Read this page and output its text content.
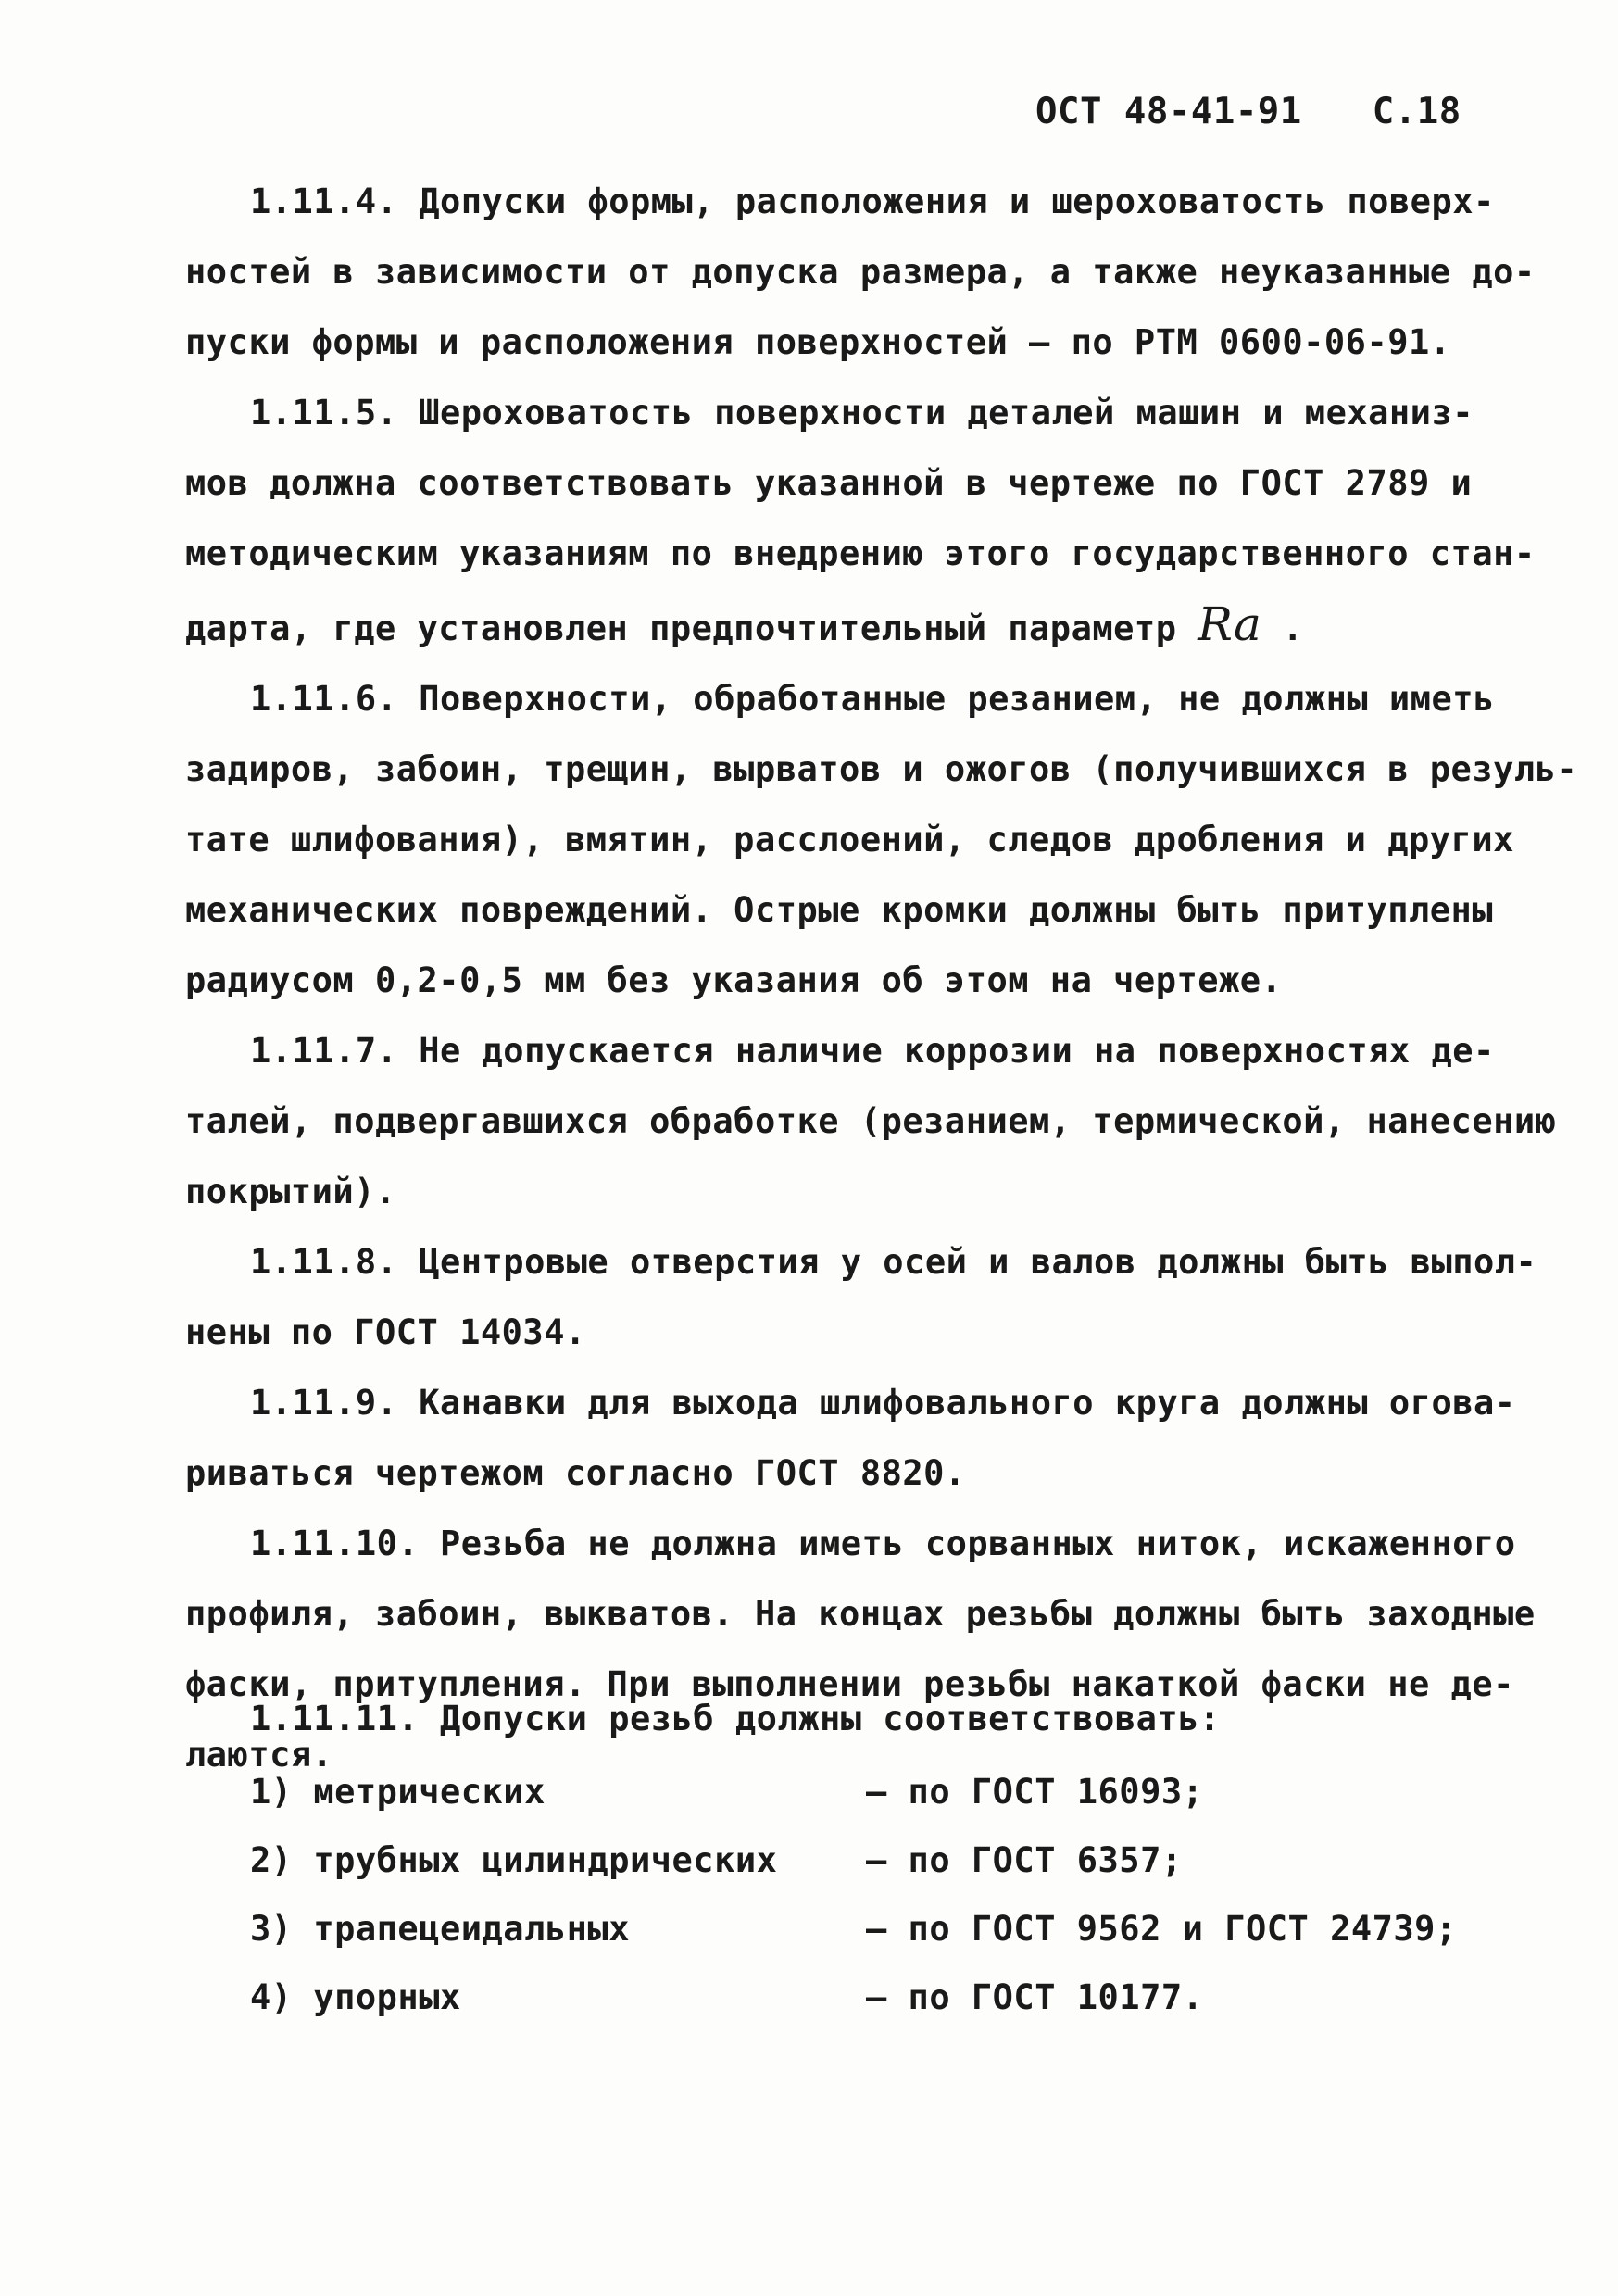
ОСТ 48-41-91 С.18
1.11.4. Допуски формы, расположения и шероховатость поверх-
ностей в зависимости от допуска размера, а также неуказанные до-
пуски формы и расположения поверхностей – по РТМ 0600-06-91.
1.11.5. Шероховатость поверхности деталей машин и механиз-
мов должна соответствовать указанной в чертеже по ГОСТ 2789 и
методическим указаниям по внедрению этого государственного стан-
дарта, где установлен предпочтительный параметр Ra .
1.11.6. Поверхности, обработанные резанием, не должны иметь
задиров, забоин, трещин, вырватов и ожогов (получившихся в резуль-
тате шлифования), вмятин, расслоений, следов дробления и других
механических повреждений. Острые кромки должны быть притуплены
радиусом 0,2-0,5 мм без указания об этом на чертеже.
1.11.7. Не допускается наличие коррозии на поверхностях де-
талей, подвергавшихся обработке (резанием, термической, нанесению
покрытий).
1.11.8. Центровые отверстия у осей и валов должны быть выпол-
нены по ГОСТ 14034.
1.11.9. Канавки для выхода шлифовального круга должны огова-
риваться чертежом согласно ГОСТ 8820.
1.11.10. Резьба не должна иметь сорванных ниток, искаженного
профиля, забоин, выкватов. На концах резьбы должны быть заходные
фаски, притупления. При выполнении резьбы накаткой фаски не де-
лаются.
1.11.11. Допуски резьб должны соответствовать:
1) метрических	– по ГОСТ 16093;
2) трубных цилиндрических	– по ГОСТ 6357;
3) трапецеидальных	– по ГОСТ 9562 и ГОСТ 24739;
4) упорных	– по ГОСТ 10177.
